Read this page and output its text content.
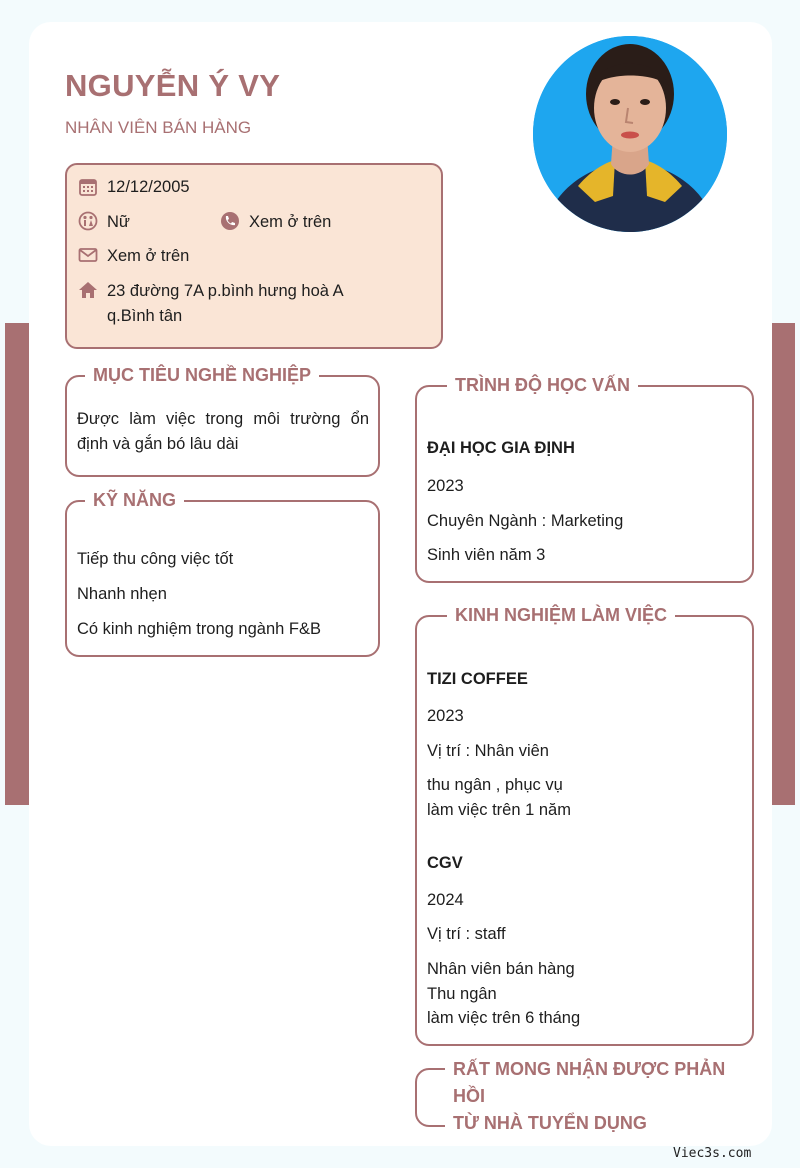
NGUYỄN Ý VY
NHÂN VIÊN BÁN HÀNG
12/12/2005
Nữ	Xem ở trên
Xem ở trên
23 đường 7A p.bình hưng hoà A
q.Bình tân
MỤC TIÊU NGHỀ NGHIỆP
Được làm việc trong môi trường ổn định và gắn bó lâu dài
KỸ NĂNG
Tiếp thu công việc tốt
Nhanh nhẹn
Có kinh nghiệm trong ngành F&B
TRÌNH ĐỘ HỌC VẤN
ĐẠI HỌC GIA ĐỊNH
2023
Chuyên Ngành : Marketing
Sinh viên năm 3
KINH NGHIỆM LÀM VIỆC
TIZI COFFEE
2023
Vị trí : Nhân viên
thu ngân , phục vụ
làm việc trên 1 năm
CGV
2024
Vị trí : staff
Nhân viên bán hàng
Thu ngân
làm việc trên 6 tháng
RẤT MONG NHẬN ĐƯỢC PHẢN HỒI
TỪ NHÀ TUYỂN DỤNG
Viec3s.com
